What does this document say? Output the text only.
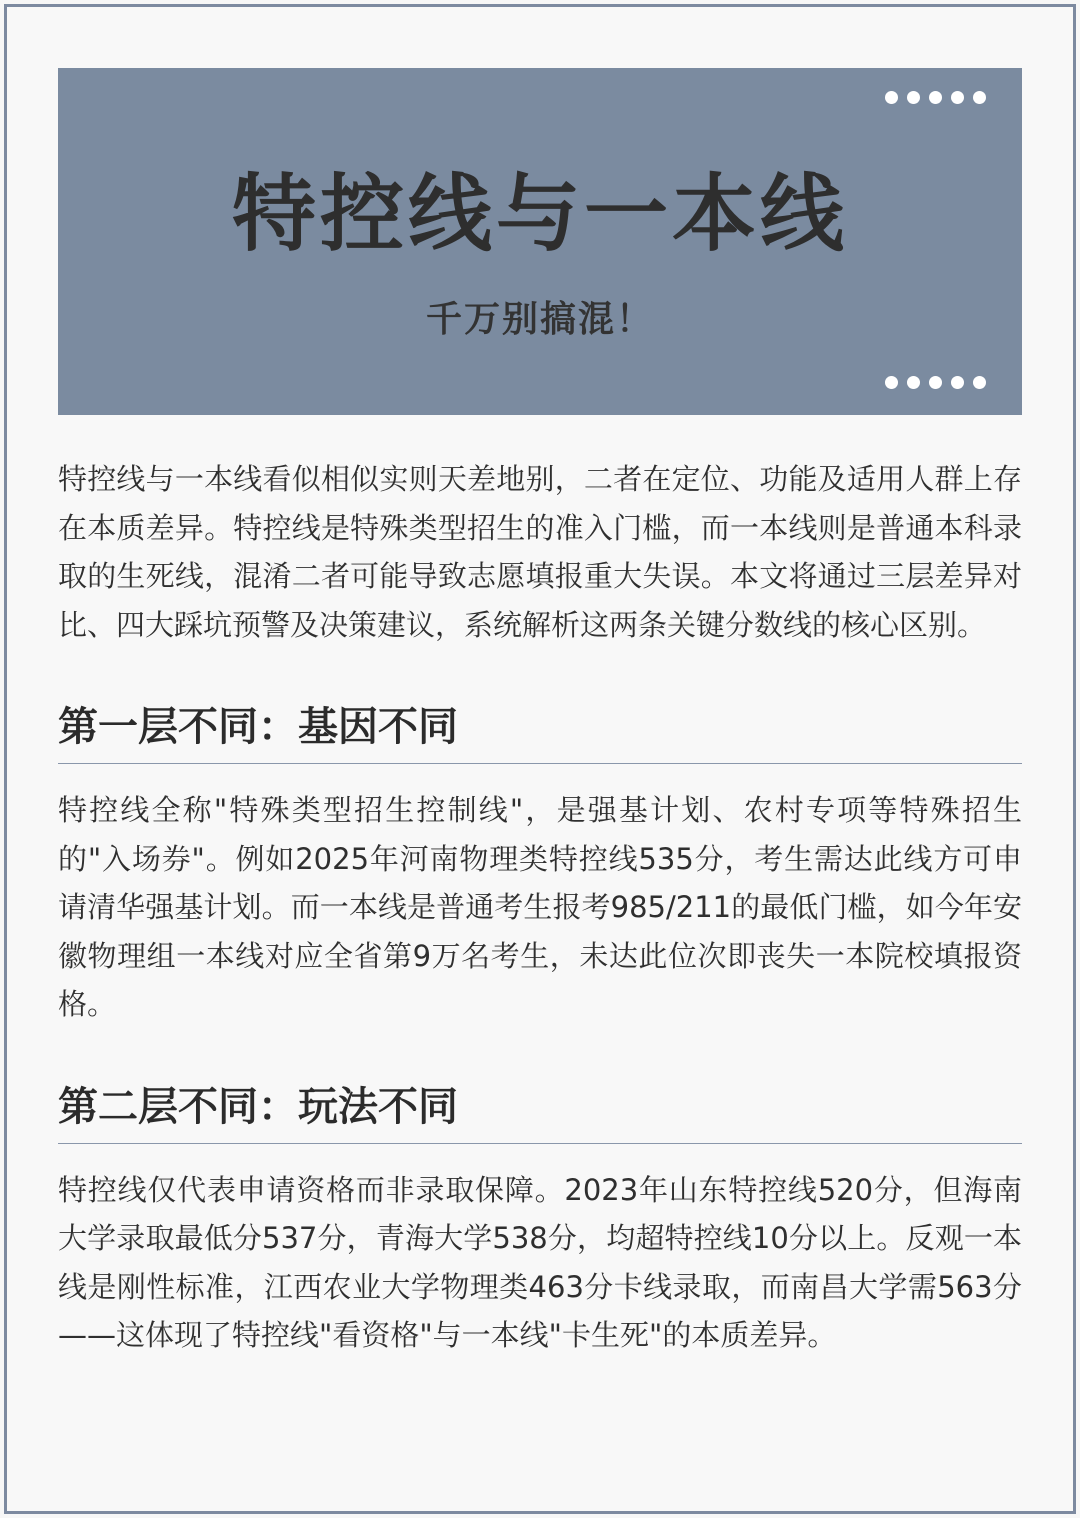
特控线与一本线
千万别搞混！

特控线与一本线看似相似实则天差地别，二者在定位、功能及适用人群上存在本质差异。特控线是特殊类型招生的准入门槛，而一本线则是普通本科录取的生死线，混淆二者可能导致志愿填报重大失误。本文将通过三层差异对比、四大踩坑预警及决策建议，系统解析这两条关键分数线的核心区别。

第一层不同：基因不同

特控线全称"特殊类型招生控制线"，是强基计划、农村专项等特殊招生的"入场券"。例如2025年河南物理类特控线535分，考生需达此线方可申请清华强基计划。而一本线是普通考生报考985/211的最低门槛，如今年安徽物理组一本线对应全省第9万名考生，未达此位次即丧失一本院校填报资格。

第二层不同：玩法不同

特控线仅代表申请资格而非录取保障。2023年山东特控线520分，但海南大学录取最低分537分，青海大学538分，均超特控线10分以上。反观一本线是刚性标准，江西农业大学物理类463分卡线录取，而南昌大学需563分——这体现了特控线"看资格"与一本线"卡生死"的本质差异。
